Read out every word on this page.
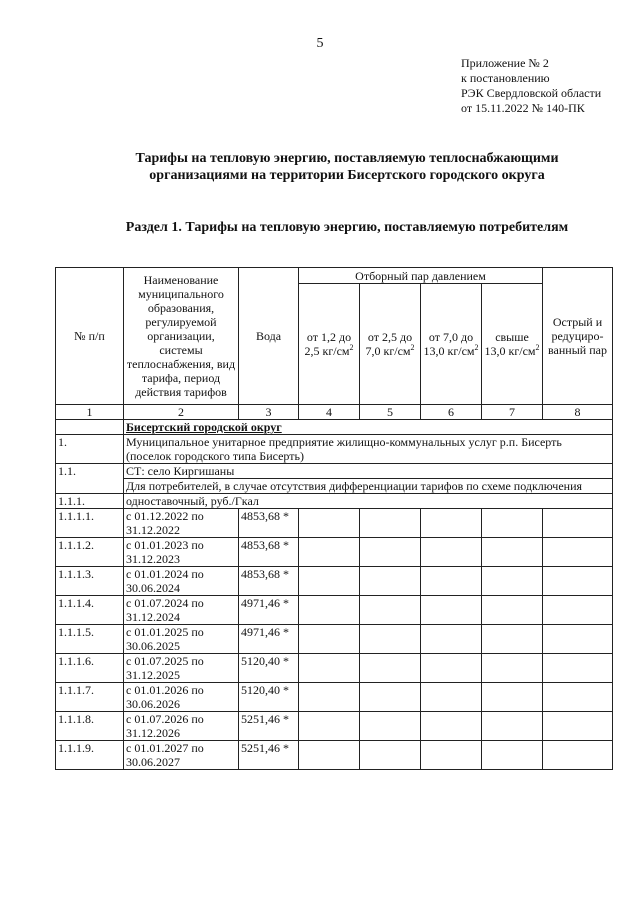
5
Приложение № 2
к постановлению
РЭК Свердловской области
от 15.11.2022 № 140-ПК
Тарифы на тепловую энергию, поставляемую теплоснабжающими
организациями на территории Бисертского городского округа
Раздел 1. Тарифы на тепловую энергию, поставляемую потребителям
№ п/п	Наименование муниципального образования, регулируемой организации, системы теплоснабжения, вид тарифа, период действия тарифов	Вода	Отборный пар давлением				Острый и редуциро-ванный пар
			от 1,2 до 2,5 $кг/см^2$	от 2,5 до 7,0 $кг/см^2$	от 7,0 до 13,0 $кг/см^2$	свыше 13,0 $кг/см^2$
1	2	3	4	5	6	7	8
	Бисертский городской округ						
1.	Муниципальное унитарное предприятие жилищно-коммунальных услуг р.п. Бисерть (поселок городского типа Бисерть)						
1.1.	СТ: село Киргишаны						
	Для потребителей, в случае отсутствия дифференциации тарифов по схеме подключения						
1.1.1.	одноставочный, руб./Гкал						
1.1.1.1.	с 01.12.2022 по 31.12.2022	4853,68 *					
1.1.1.2.	с 01.01.2023 по 31.12.2023	4853,68 *					
1.1.1.3.	с 01.01.2024 по 30.06.2024	4853,68 *					
1.1.1.4.	с 01.07.2024 по 31.12.2024	4971,46 *					
1.1.1.5.	с 01.01.2025 по 30.06.2025	4971,46 *					
1.1.1.6.	с 01.07.2025 по 31.12.2025	5120,40 *					
1.1.1.7.	с 01.01.2026 по 30.06.2026	5120,40 *					
1.1.1.8.	с 01.07.2026 по 31.12.2026	5251,46 *					
1.1.1.9.	с 01.01.2027 по 30.06.2027	5251,46 *					
